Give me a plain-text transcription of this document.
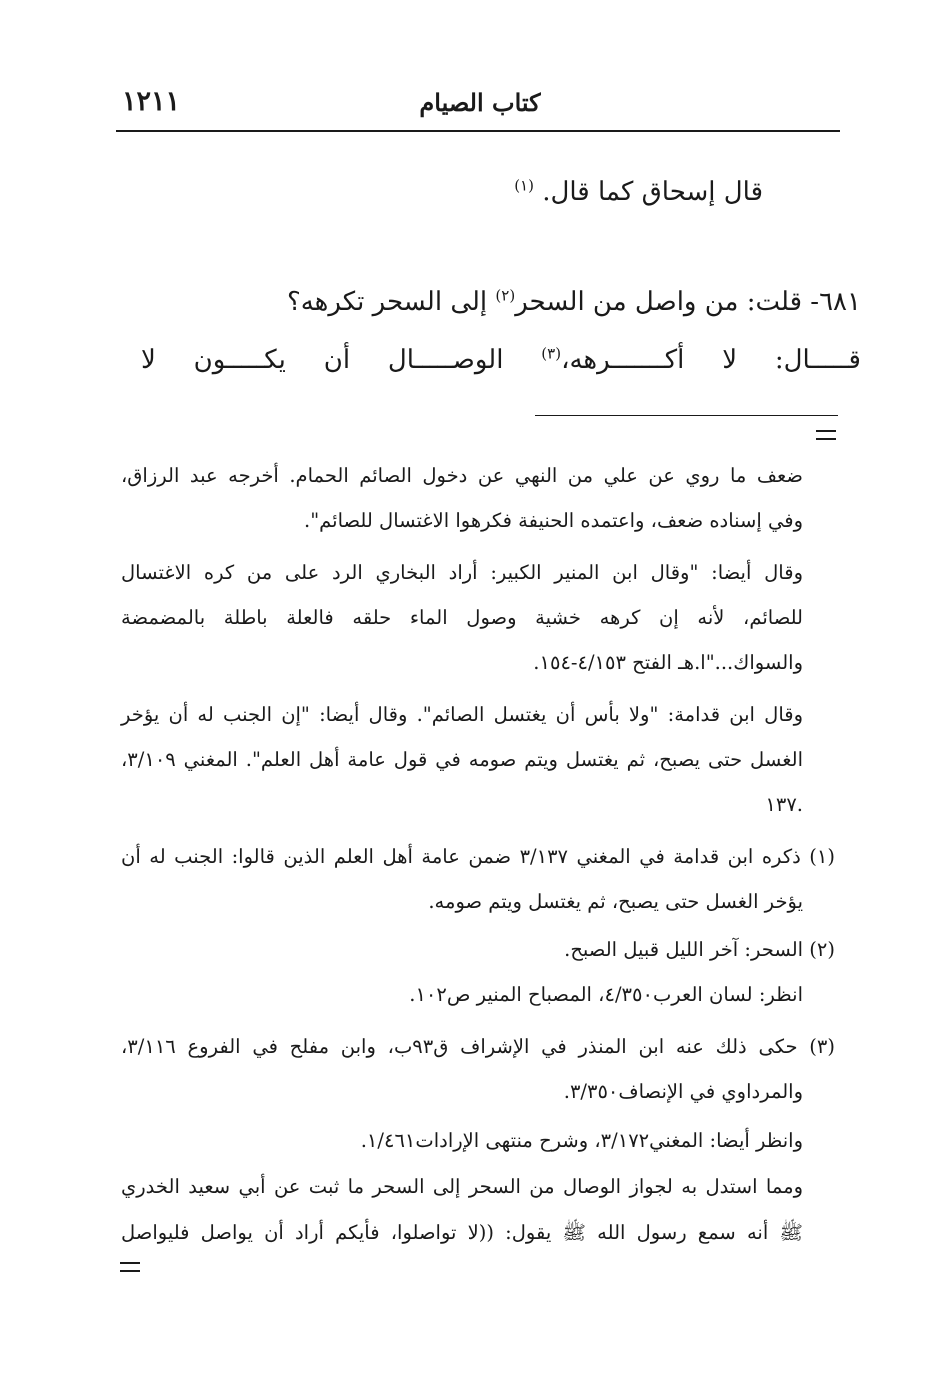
١٢١١	كتاب الصيام
قال إسحاق كما قال. $^{(١)}$
٦٨١- قلت: من واصل من السحر$^{(٢)}$ إلى السحر تكرهه؟
قـــــال: لا أكـــــــرهه،$^{(٣)}$ الوصـــــال أن يكـــــون لا
ضعف ما روي عن علي من النهي عن دخول الصائم الحمام. أخرجه عبد الرزاق،
وفي إسناده ضعف، واعتمده الحنيفة فكرهوا الاغتسال للصائم".
وقال أيضا: "وقال ابن المنير الكبير: أراد البخاري الرد على من كره الاغتسال
للصائم، لأنه إن كرهه خشية وصول الماء حلقه فالعلة باطلة بالمضمضة
والسواك..."ا.هـ الفتح ٤/١٥٣-١٥٤.
وقال ابن قدامة: "ولا بأس أن يغتسل الصائم". وقال أيضا: "إن الجنب له أن يؤخر
الغسل حتى يصبح، ثم يغتسل ويتم صومه في قول عامة أهل العلم". المغني ٣/١٠٩،
.١٣٧
(١) ذكره ابن قدامة في المغني ٣/١٣٧ ضمن عامة أهل العلم الذين قالوا: الجنب له أن
يؤخر الغسل حتى يصبح، ثم يغتسل ويتم صومه.
(٢) السحر: آخر الليل قبيل الصبح.
انظر: لسان العرب٤/٣٥٠، المصباح المنير ص١٠٢.
(٣) حكى ذلك عنه ابن المنذر في الإشراف ق٩٣ب، وابن مفلح في الفروع ٣/١١٦،
والمرداوي في الإنصاف٣/٣٥٠.
وانظر أيضا: المغني٣/١٧٢، وشرح منتهى الإرادات١/٤٦١.
ومما استدل به لجواز الوصال من السحر إلى السحر ما ثبت عن أبي سعيد الخدري
ﷺ أنه سمع رسول الله ﷺ يقول: ((لا تواصلوا، فأيكم أراد أن يواصل فليواصل
